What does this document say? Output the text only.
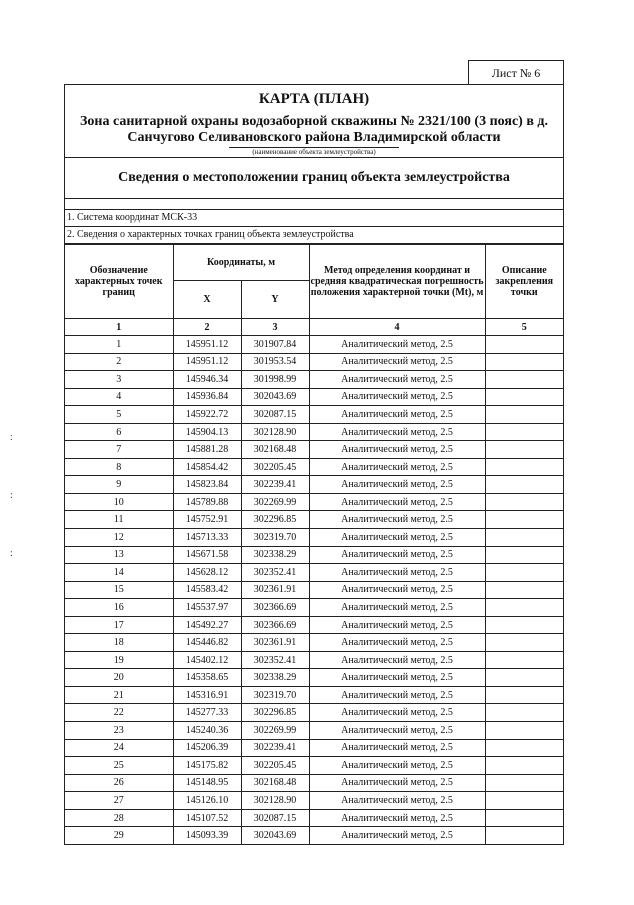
Лист № 6
КАРТА (ПЛАН)
Зона санитарной охраны водозаборной скважины № 2321/100 (3 пояс) в д. Санчугово Селивановского района Владимирской области
(наименование объекта землеустройства)
Сведения о местоположении границ объекта землеустройства
1. Система координат МСК-33
2. Сведения о характерных точках границ объекта землеустройства
Обозначение характерных точек границ	Координаты, м		Метод определения координат и средняя квадратическая погрешность положения характерной точки (Mt), м	Описание закрепления точки
	X	Y		
1	2	3	4	5
1	145951.12	301907.84	Аналитический метод, 2.5	
2	145951.12	301953.54	Аналитический метод, 2.5	
3	145946.34	301998.99	Аналитический метод, 2.5	
4	145936.84	302043.69	Аналитический метод, 2.5	
5	145922.72	302087.15	Аналитический метод, 2.5	
6	145904.13	302128.90	Аналитический метод, 2.5	
7	145881.28	302168.48	Аналитический метод, 2.5	
8	145854.42	302205.45	Аналитический метод, 2.5	
9	145823.84	302239.41	Аналитический метод, 2.5	
10	145789.88	302269.99	Аналитический метод, 2.5	
11	145752.91	302296.85	Аналитический метод, 2.5	
12	145713.33	302319.70	Аналитический метод, 2.5	
13	145671.58	302338.29	Аналитический метод, 2.5	
14	145628.12	302352.41	Аналитический метод, 2.5	
15	145583.42	302361.91	Аналитический метод, 2.5	
16	145537.97	302366.69	Аналитический метод, 2.5	
17	145492.27	302366.69	Аналитический метод, 2.5	
18	145446.82	302361.91	Аналитический метод, 2.5	
19	145402.12	302352.41	Аналитический метод, 2.5	
20	145358.65	302338.29	Аналитический метод, 2.5	
21	145316.91	302319.70	Аналитический метод, 2.5	
22	145277.33	302296.85	Аналитический метод, 2.5	
23	145240.36	302269.99	Аналитический метод, 2.5	
24	145206.39	302239.41	Аналитический метод, 2.5	
25	145175.82	302205.45	Аналитический метод, 2.5	
26	145148.95	302168.48	Аналитический метод, 2.5	
27	145126.10	302128.90	Аналитический метод, 2.5	
28	145107.52	302087.15	Аналитический метод, 2.5	
29	145093.39	302043.69	Аналитический метод, 2.5	
:
:
:
